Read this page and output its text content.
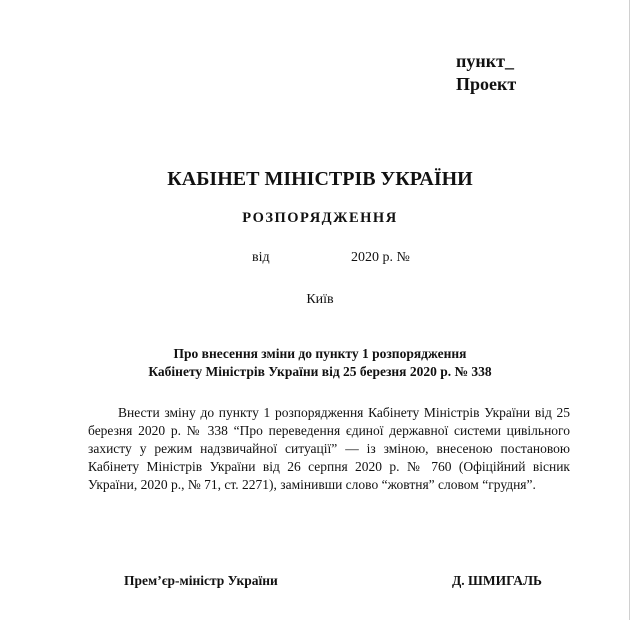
пункт_
Проект
КАБІНЕТ МІНІСТРІВ УКРАЇНИ
РОЗПОРЯДЖЕННЯ
від	2020 р. №
Київ
Про внесення зміни до пункту 1 розпорядження
Кабінету Міністрів України від 25 березня 2020 р. № 338

Внести зміну до пункту 1 розпорядження Кабінету Міністрів України від 25 березня 2020 р. № 338 “Про переведення єдиної державної системи цивільного захисту у режим надзвичайної ситуації” — із зміною, внесеною постановою Кабінету Міністрів України від 26 серпня 2020 р. № 760 (Офіційний вісник України, 2020 р., № 71, ст. 2271), замінивши слово “жовтня” словом “грудня”.

Прем’єр-міністр України	Д. ШМИГАЛЬ
